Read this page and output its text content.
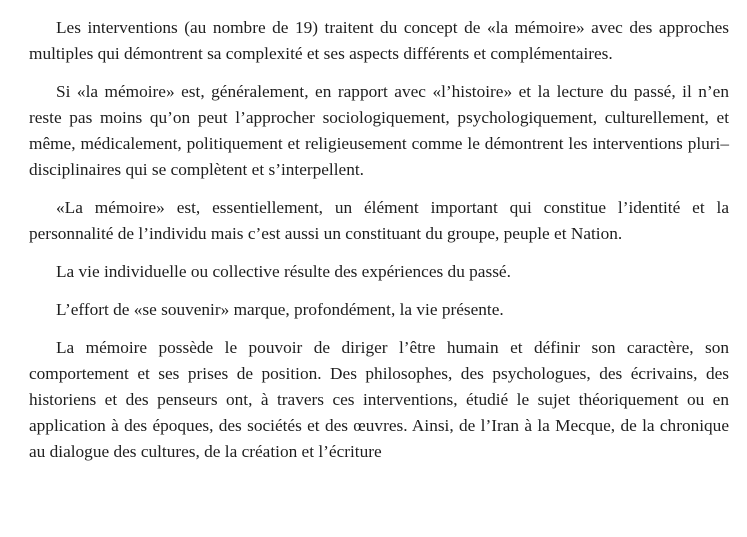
Les interventions (au nombre de 19) traitent du concept de «la mémoire» avec des approches multiples qui démontrent sa complexité et ses aspects différents et complémentaires.

Si «la mémoire» est, généralement, en rapport avec «l’histoire» et la lecture du passé, il n’en reste pas moins qu’on peut l’approcher sociologiquement, psychologiquement, culturellement, et même, médicalement, politiquement et religieusement comme le démontrent les interventions pluri–disciplinaires qui se complètent et s’interpellent.

«La mémoire» est, essentiellement, un élément important qui constitue l’identité et la personnalité de l’individu mais c’est aussi un constituant du groupe, peuple et Nation.

La vie individuelle ou collective résulte des expériences du passé.

L’effort de «se souvenir» marque, profondément, la vie présente.

La mémoire possède le pouvoir de diriger l’être humain et définir son caractère, son comportement et ses prises de position. Des philosophes, des psychologues, des écrivains, des historiens et des penseurs ont, à travers ces interventions, étudié le sujet théoriquement ou en application à des époques, des sociétés et des œuvres. Ainsi, de l’Iran à la Mecque, de la chronique au dialogue des cultures, de la création et l’écriture
